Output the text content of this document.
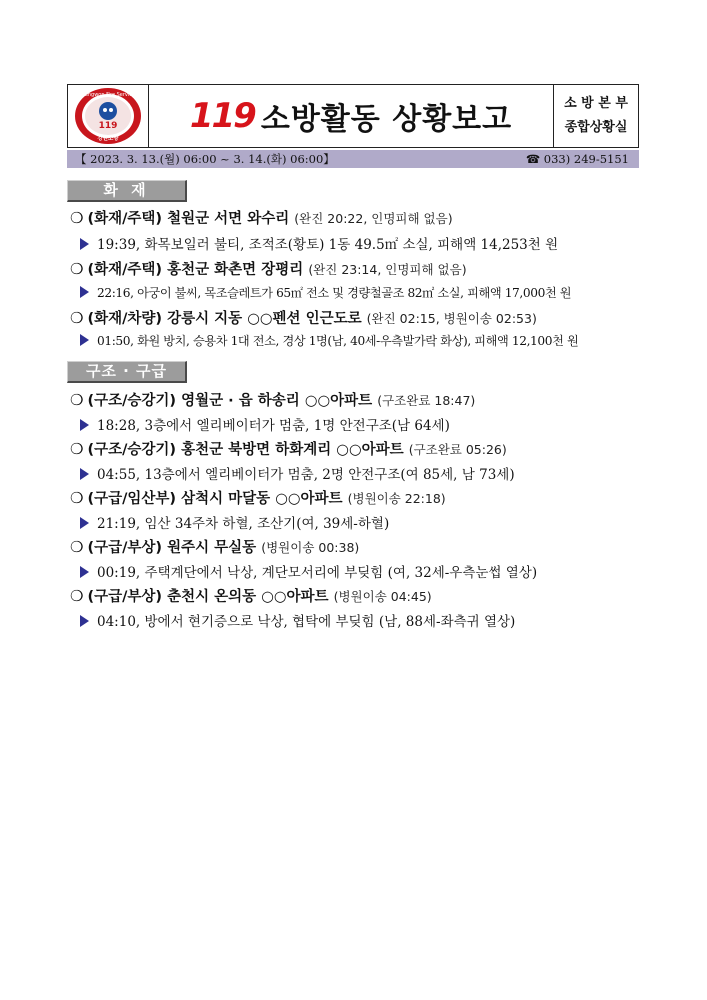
119
Gangwon Fire Service
강원소방
119 소방활동 상황보고	소 방 본 부
종합상황실
【 2023. 3. 13.(월) 06:00 ~ 3. 14.(화) 06:00】	☎ 033) 249-5151
화 재
❍ (화재/주택) 철원군 서면 와수리 (완진 20:22, 인명피해 없음)
19:39, 화목보일러 불티, 조적조(황토) 1동 49.5㎡ 소실, 피해액 14,253천 원
❍ (화재/주택) 홍천군 화촌면 장평리 (완진 23:14, 인명피해 없음)
22:16, 아궁이 불씨, 목조슬레트가 65㎡ 전소 및 경량철골조 82㎡ 소실, 피해액 17,000천 원
❍ (화재/차량) 강릉시 지동 ○○펜션 인근도로 (완진 02:15, 병원이송 02:53)
01:50, 화원 방치, 승용차 1대 전소, 경상 1명(남, 40세-우측발가락 화상), 피해액 12,100천 원
구조 · 구급
❍ (구조/승강기) 영월군 · 읍 하송리 ○○아파트 (구조완료 18:47)
18:28, 3층에서 엘리베이터가 멈춤, 1명 안전구조(남 64세)
❍ (구조/승강기) 홍천군 북방면 하화계리 ○○아파트 (구조완료 05:26)
04:55, 13층에서 엘리베이터가 멈춤, 2명 안전구조(여 85세, 남 73세)
❍ (구급/임산부) 삼척시 마달동 ○○아파트 (병원이송 22:18)
21:19, 임산 34주차 하혈, 조산기(여, 39세-하혈)
❍ (구급/부상) 원주시 무실동 (병원이송 00:38)
00:19, 주택계단에서 낙상, 계단모서리에 부딪힘 (여, 32세-우측눈썹 열상)
❍ (구급/부상) 춘천시 온의동 ○○아파트 (병원이송 04:45)
04:10, 방에서 현기증으로 낙상, 협탁에 부딪힘 (남, 88세-좌측귀 열상)
